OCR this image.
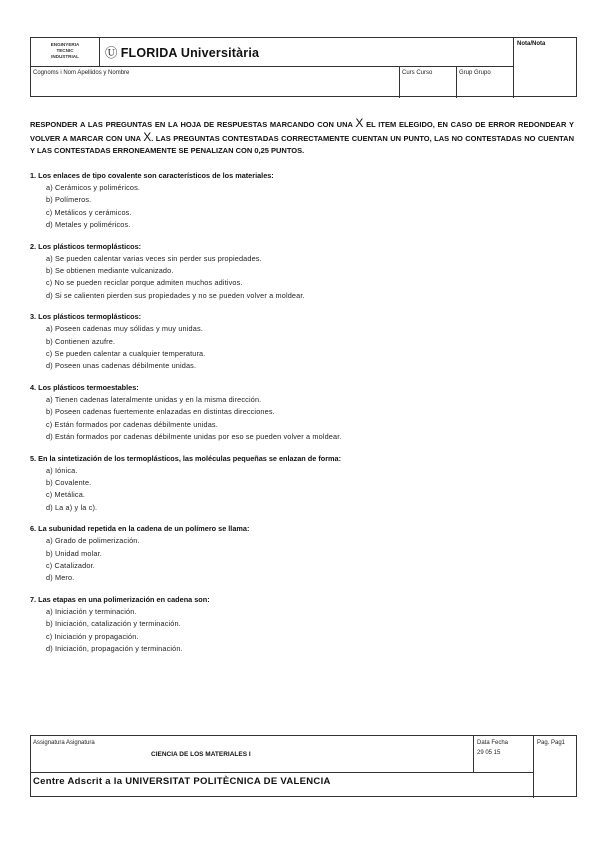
ENGINYERIA
TECNIC
INDUSTRIAL	Ⓤ FLORIDA Universitària
Nota/Nota
Cognoms i Nom Apellidos y Nombre	Curs Curso	Grup Grupo
RESPONDER A LAS PREGUNTAS EN LA HOJA DE RESPUESTAS MARCANDO CON UNA X EL ITEM ELEGIDO, EN CASO DE ERROR REDONDEAR Y VOLVER A MARCAR CON UNA X. LAS PREGUNTAS CONTESTADAS CORRECTAMENTE CUENTAN UN PUNTO, LAS NO CONTESTADAS NO CUENTAN Y LAS CONTESTADAS ERRONEAMENTE SE PENALIZAN CON 0,25 PUNTOS.
1. Los enlaces de tipo covalente son característicos de los materiales:
a) Cerámicos y poliméricos.
b) Polímeros.
c) Metálicos y cerámicos.
d) Metales y poliméricos.
2. Los plásticos termoplásticos:
a) Se pueden calentar varias veces sin perder sus propiedades.
b) Se obtienen mediante vulcanizado.
c) No se pueden reciclar porque admiten muchos aditivos.
d) Si se calienten pierden sus propiedades y no se pueden volver a moldear.
3. Los plásticos termoplásticos:
a) Poseen cadenas muy sólidas y muy unidas.
b) Contienen azufre.
c) Se pueden calentar a cualquier temperatura.
d) Poseen unas cadenas débilmente unidas.
4. Los plásticos termoestables:
a) Tienen cadenas lateralmente unidas y en la misma dirección.
b) Poseen cadenas fuertemente enlazadas en distintas direcciones.
c) Están formados por cadenas débilmente unidas.
d) Están formados por cadenas débilmente unidas por eso se pueden volver a moldear.
5. En la sintetización de los termoplásticos, las moléculas pequeñas se enlazan de forma:
a) Iónica.
b) Covalente.
c) Metálica.
d) La a) y la c).
6. La subunidad repetida en la cadena de un polímero se llama:
a) Grado de polimerización.
b) Unidad molar.
c) Catalizador.
d) Mero.
7. Las etapas en una polimerización en cadena son:
a) Iniciación y terminación.
b) Iniciación, catalización y terminación.
c) Iniciación y propagación.
d) Iniciación, propagación y terminación.
Assignatura Asignatura
CIENCIA DE LOS MATERIALES I
Data Fecha
29 05 15
Pag. Pag1
Centre Adscrit a la UNIVERSITAT POLITÈCNICA DE VALENCIA
